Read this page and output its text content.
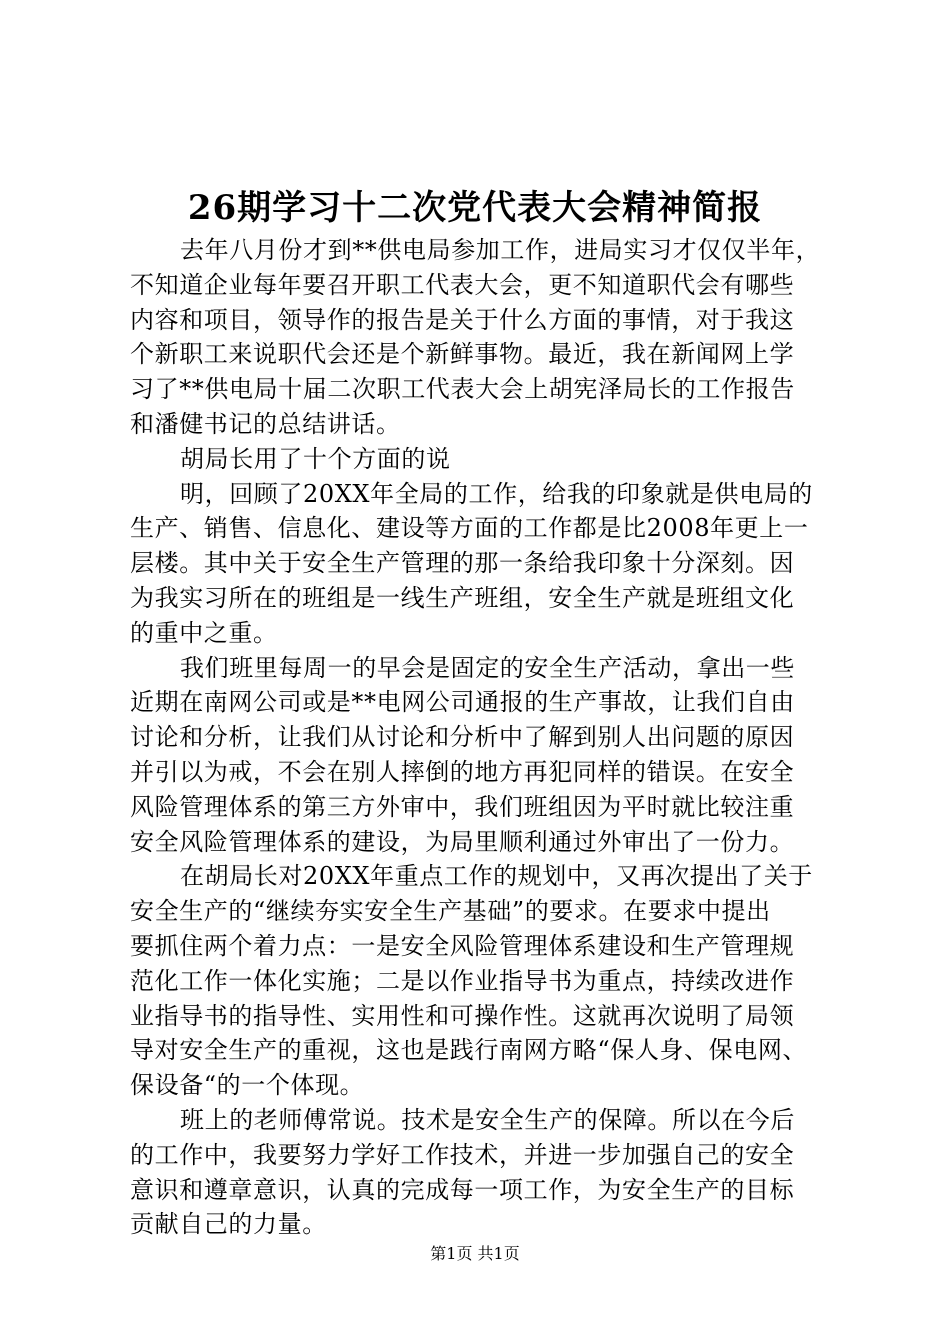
26期学习十二次党代表大会精神简报
去年八月份才到**供电局参加工作，进局实习才仅仅半年，
不知道企业每年要召开职工代表大会，更不知道职代会有哪些
内容和项目，领导作的报告是关于什么方面的事情，对于我这
个新职工来说职代会还是个新鲜事物。最近，我在新闻网上学
习了**供电局十届二次职工代表大会上胡宪泽局长的工作报告
和潘健书记的总结讲话。
胡局长用了十个方面的说
明，回顾了20XX年全局的工作，给我的印象就是供电局的
生产、销售、信息化、建设等方面的工作都是比2008年更上一
层楼。其中关于安全生产管理的那一条给我印象十分深刻。因
为我实习所在的班组是一线生产班组，安全生产就是班组文化
的重中之重。
我们班里每周一的早会是固定的安全生产活动，拿出一些
近期在南网公司或是**电网公司通报的生产事故，让我们自由
讨论和分析，让我们从讨论和分析中了解到别人出问题的原因
并引以为戒，不会在别人摔倒的地方再犯同样的错误。在安全
风险管理体系的第三方外审中，我们班组因为平时就比较注重
安全风险管理体系的建设，为局里顺利通过外审出了一份力。
在胡局长对20XX年重点工作的规划中，又再次提出了关于
安全生产的“继续夯实安全生产基础”的要求。在要求中提出
要抓住两个着力点：一是安全风险管理体系建设和生产管理规
范化工作一体化实施；二是以作业指导书为重点，持续改进作
业指导书的指导性、实用性和可操作性。这就再次说明了局领
导对安全生产的重视，这也是践行南网方略“保人身、保电网、
保设备“的一个体现。
班上的老师傅常说。技术是安全生产的保障。所以在今后
的工作中，我要努力学好工作技术，并进一步加强自己的安全
意识和遵章意识，认真的完成每一项工作，为安全生产的目标
贡献自己的力量。
第1页 共1页
